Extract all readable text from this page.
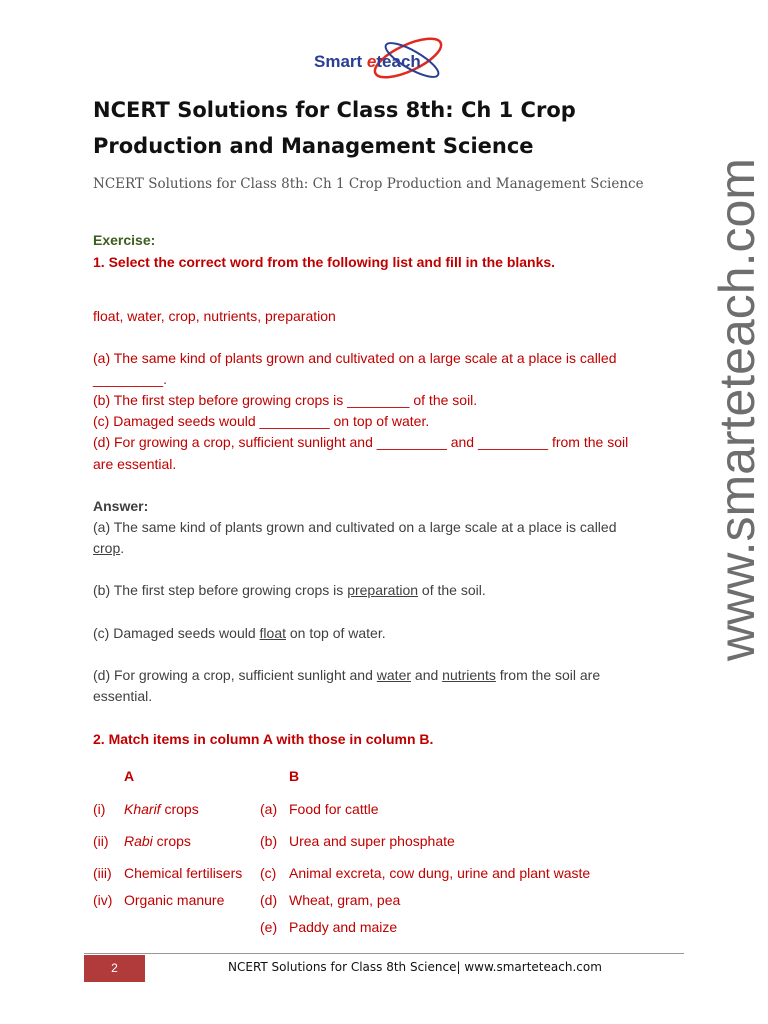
Smart eteach
NCERT Solutions for Class 8th: Ch 1 Crop Production and Management Science
NCERT Solutions for Class 8th: Ch 1 Crop Production and Management Science
Exercise:
1. Select the correct word from the following list and fill in the blanks.
float, water, crop, nutrients, preparation
(a) The same kind of plants grown and cultivated on a large scale at a place is called
_________.
(b) The first step before growing crops is ________ of the soil.
(c) Damaged seeds would _________ on top of water.
(d) For growing a crop, sufficient sunlight and _________ and _________ from the soil
are essential.
Answer:
(a) The same kind of plants grown and cultivated on a large scale at a place is called
crop.
(b) The first step before growing crops is preparation of the soil.
(c) Damaged seeds would float on top of water.
(d) For growing a crop, sufficient sunlight and water and nutrients from the soil are
essential.
2. Match items in column A with those in column B.
A	B
(i) Kharif crops
(ii) Rabi crops
(iii) Chemical fertilisers
(iv) Organic manure
(a) Food for cattle
(b) Urea and super phosphate
(c) Animal excreta, cow dung, urine and plant waste
(d) Wheat, gram, pea
(e) Paddy and maize
www.smarteteach.com
2	NCERT Solutions for Class 8th Science| www.smarteteach.com
